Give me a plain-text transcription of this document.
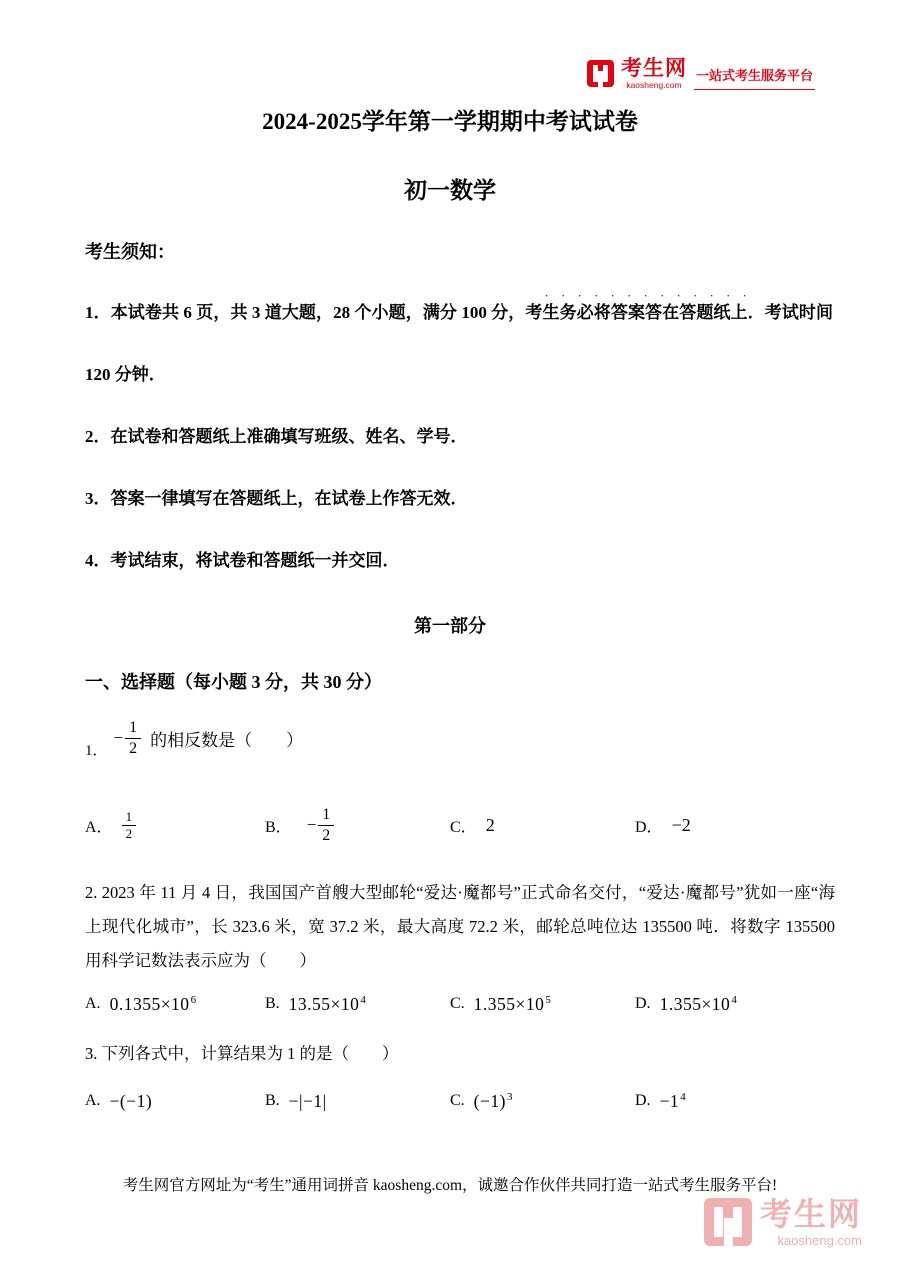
考生网
kaosheng.com
一站式考生服务平台
2024-2025学年第一学期期中考试试卷
初一数学
考生须知：
．　．　．　．　．　．　．　．　．　．　．　．　．

1．本试卷共 6 页，共 3 道大题，28 个小题，满分 100 分，考生务必将答案答在答题纸上．考试时间 120 分钟．

2．在试卷和答题纸上准确填写班级、姓名、学号．

3．答案一律填写在答题纸上，在试卷上作答无效．

4．考试结束，将试卷和答题纸一并交回．

第一部分
一、选择题（每小题 3 分，共 30 分）
1．
− $\frac{1}{2}$ 的相反数是（　　）
A． $\frac{1}{2}$	B． − $\frac{1}{2}$	C． 2	D． −2
2. 2023 年 11 月 4 日，我国国产首艘大型邮轮“爱达·魔都号”正式命名交付，“爱达·魔都号”犹如一座“海上现代化城市”，长 323.6 米，宽 37.2 米，最大高度 72.2 米，邮轮总吨位达 135500 吨．将数字 135500 用科学记数法表示应为（　　）
A. $0.1355\times 10^6$	B. $13.55\times 10^4$	C. $1.355\times 10^5$	D. $1.355\times 10^4$
3. 下列各式中，计算结果为 1 的是（　　）
A. −(−1)	B. −|−1|	C. $(-1)^3$	D. $-1^4$
考生网官方网址为“考生”通用词拼音 kaosheng.com，诚邀合作伙伴共同打造一站式考生服务平台!
考生网
kaosheng.com
